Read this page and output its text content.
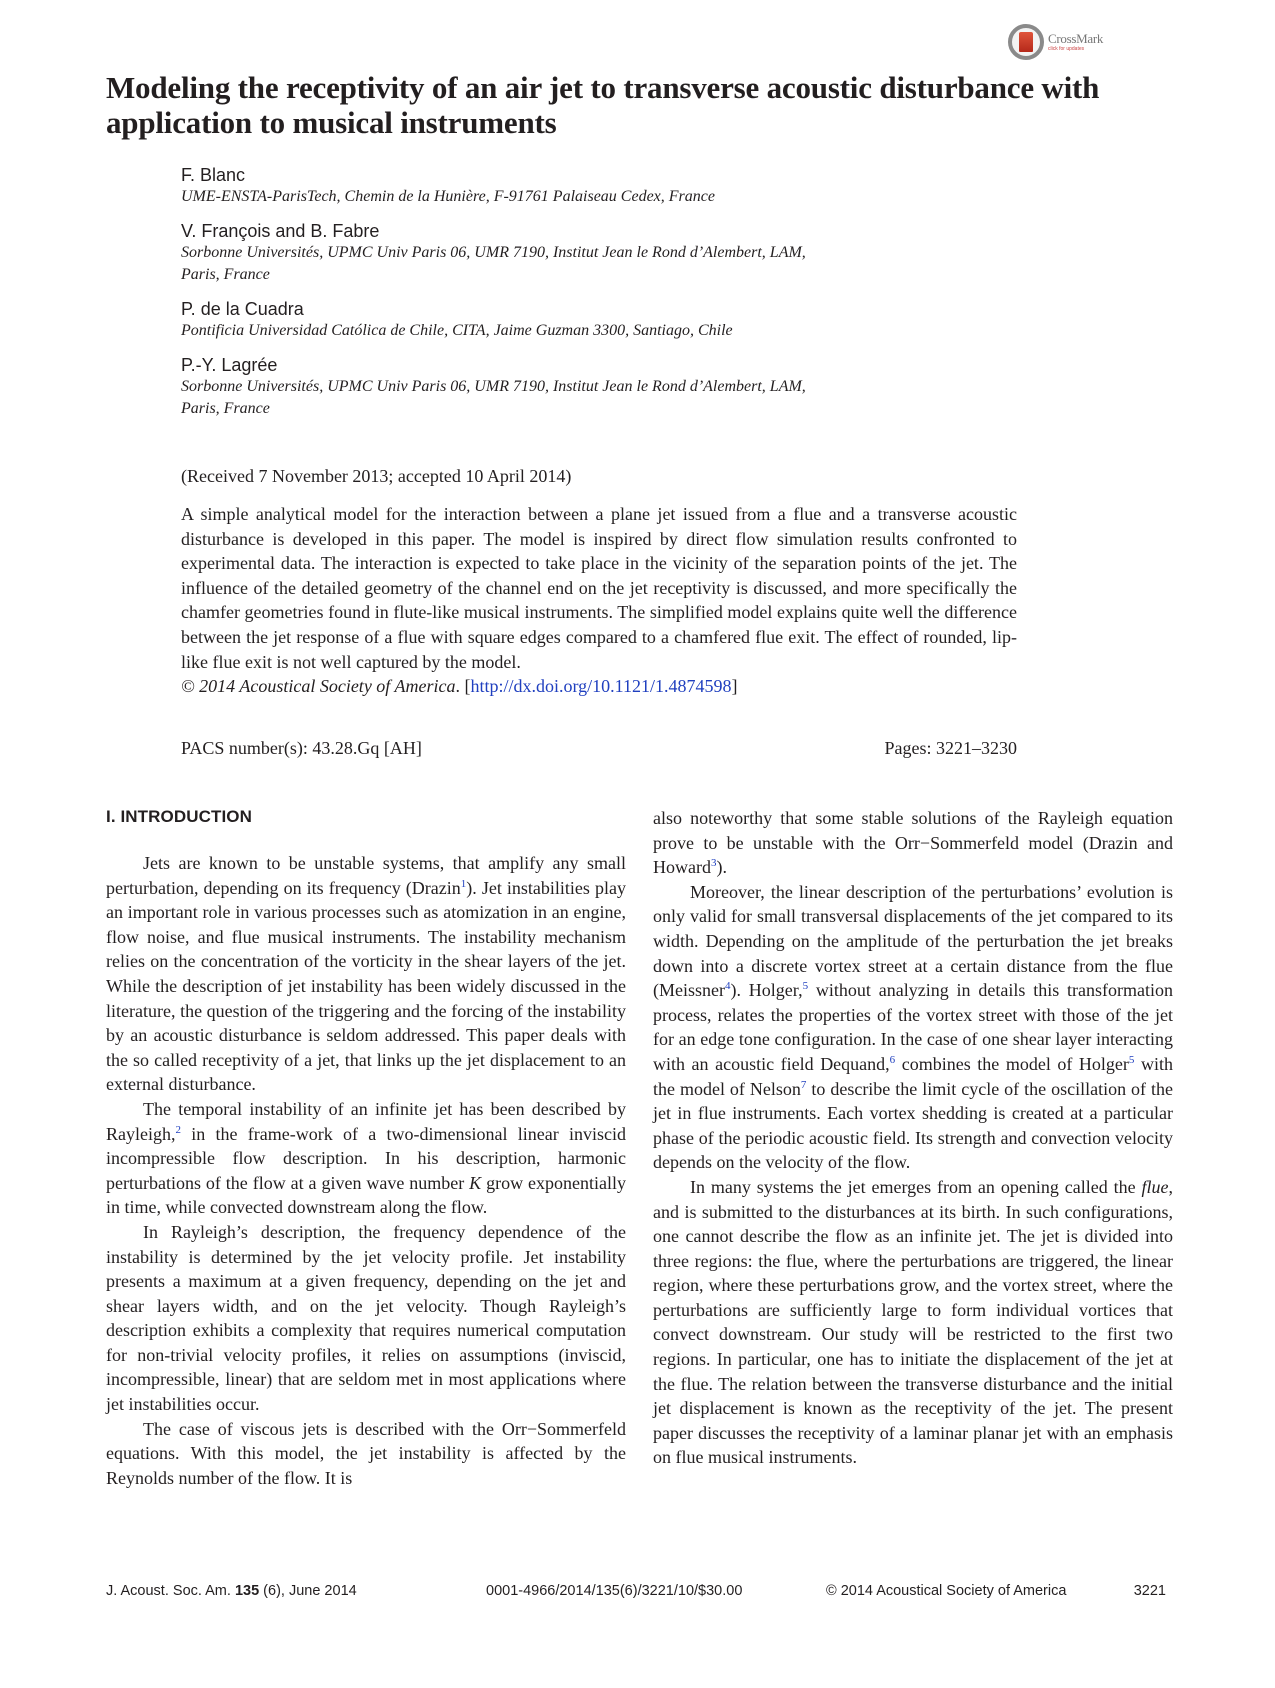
CrossMark
click for updates
Modeling the receptivity of an air jet to transverse acoustic disturbance with application to musical instruments
F. Blanc
UME-ENSTA-ParisTech, Chemin de la Hunière, F-91761 Palaiseau Cedex, France
V. François and B. Fabre
Sorbonne Universités, UPMC Univ Paris 06, UMR 7190, Institut Jean le Rond d’Alembert, LAM,
Paris, France
P. de la Cuadra
Pontificia Universidad Católica de Chile, CITA, Jaime Guzman 3300, Santiago, Chile
P.-Y. Lagrée
Sorbonne Universités, UPMC Univ Paris 06, UMR 7190, Institut Jean le Rond d’Alembert, LAM,
Paris, France
(Received 7 November 2013; accepted 10 April 2014)

A simple analytical model for the interaction between a plane jet issued from a flue and a transverse acoustic disturbance is developed in this paper. The model is inspired by direct flow simulation results confronted to experimental data. The interaction is expected to take place in the vicinity of the separation points of the jet. The influence of the detailed geometry of the channel end on the jet receptivity is discussed, and more specifically the chamfer geometries found in flute-like musical instruments. The simplified model explains quite well the difference between the jet response of a flue with square edges compared to a chamfered flue exit. The effect of rounded, lip-like flue exit is not well captured by the model.
© 2014 Acoustical Society of America. [http://dx.doi.org/10.1121/1.4874598]

PACS number(s): 43.28.Gq [AH]	Pages: 3221–3230
I. INTRODUCTION

Jets are known to be unstable systems, that amplify any small perturbation, depending on its frequency (Drazin$^1$). Jet instabilities play an important role in various processes such as atomization in an engine, flow noise, and flue musical instruments. The instability mechanism relies on the concentration of the vorticity in the shear layers of the jet. While the description of jet instability has been widely discussed in the literature, the question of the triggering and the forcing of the instability by an acoustic disturbance is seldom addressed. This paper deals with the so called receptivity of a jet, that links up the jet displacement to an external disturbance.

The temporal instability of an infinite jet has been described by Rayleigh,$^2$ in the frame-work of a two-dimensional linear inviscid incompressible flow description. In his description, harmonic perturbations of the flow at a given wave number K grow exponentially in time, while convected downstream along the flow.

In Rayleigh’s description, the frequency dependence of the instability is determined by the jet velocity profile. Jet instability presents a maximum at a given frequency, depending on the jet and shear layers width, and on the jet velocity. Though Rayleigh’s description exhibits a complexity that requires numerical computation for non-trivial velocity profiles, it relies on assumptions (inviscid, incompressible, linear) that are seldom met in most applications where jet instabilities occur.

The case of viscous jets is described with the Orr−Sommerfeld equations. With this model, the jet instability is affected by the Reynolds number of the flow. It is

also noteworthy that some stable solutions of the Rayleigh equation prove to be unstable with the Orr−Sommerfeld model (Drazin and Howard$^3$).

Moreover, the linear description of the perturbations’ evolution is only valid for small transversal displacements of the jet compared to its width. Depending on the amplitude of the perturbation the jet breaks down into a discrete vortex street at a certain distance from the flue (Meissner$^4$). Holger,$^5$ without analyzing in details this transformation process, relates the properties of the vortex street with those of the jet for an edge tone configuration. In the case of one shear layer interacting with an acoustic field Dequand,$^6$ combines the model of Holger$^5$ with the model of Nelson$^7$ to describe the limit cycle of the oscillation of the jet in flue instruments. Each vortex shedding is created at a particular phase of the periodic acoustic field. Its strength and convection velocity depends on the velocity of the flow.

In many systems the jet emerges from an opening called the flue, and is submitted to the disturbances at its birth. In such configurations, one cannot describe the flow as an infinite jet. The jet is divided into three regions: the flue, where the perturbations are triggered, the linear region, where these perturbations grow, and the vortex street, where the perturbations are sufficiently large to form individual vortices that convect downstream. Our study will be restricted to the first two regions. In particular, one has to initiate the displacement of the jet at the flue. The relation between the transverse disturbance and the initial jet displacement is known as the receptivity of the jet. The present paper discusses the receptivity of a laminar planar jet with an emphasis on flue musical instruments.

J. Acoust. Soc. Am. 135 (6), June 2014	0001-4966/2014/135(6)/3221/10/$30.00	© 2014 Acoustical Society of America	3221
